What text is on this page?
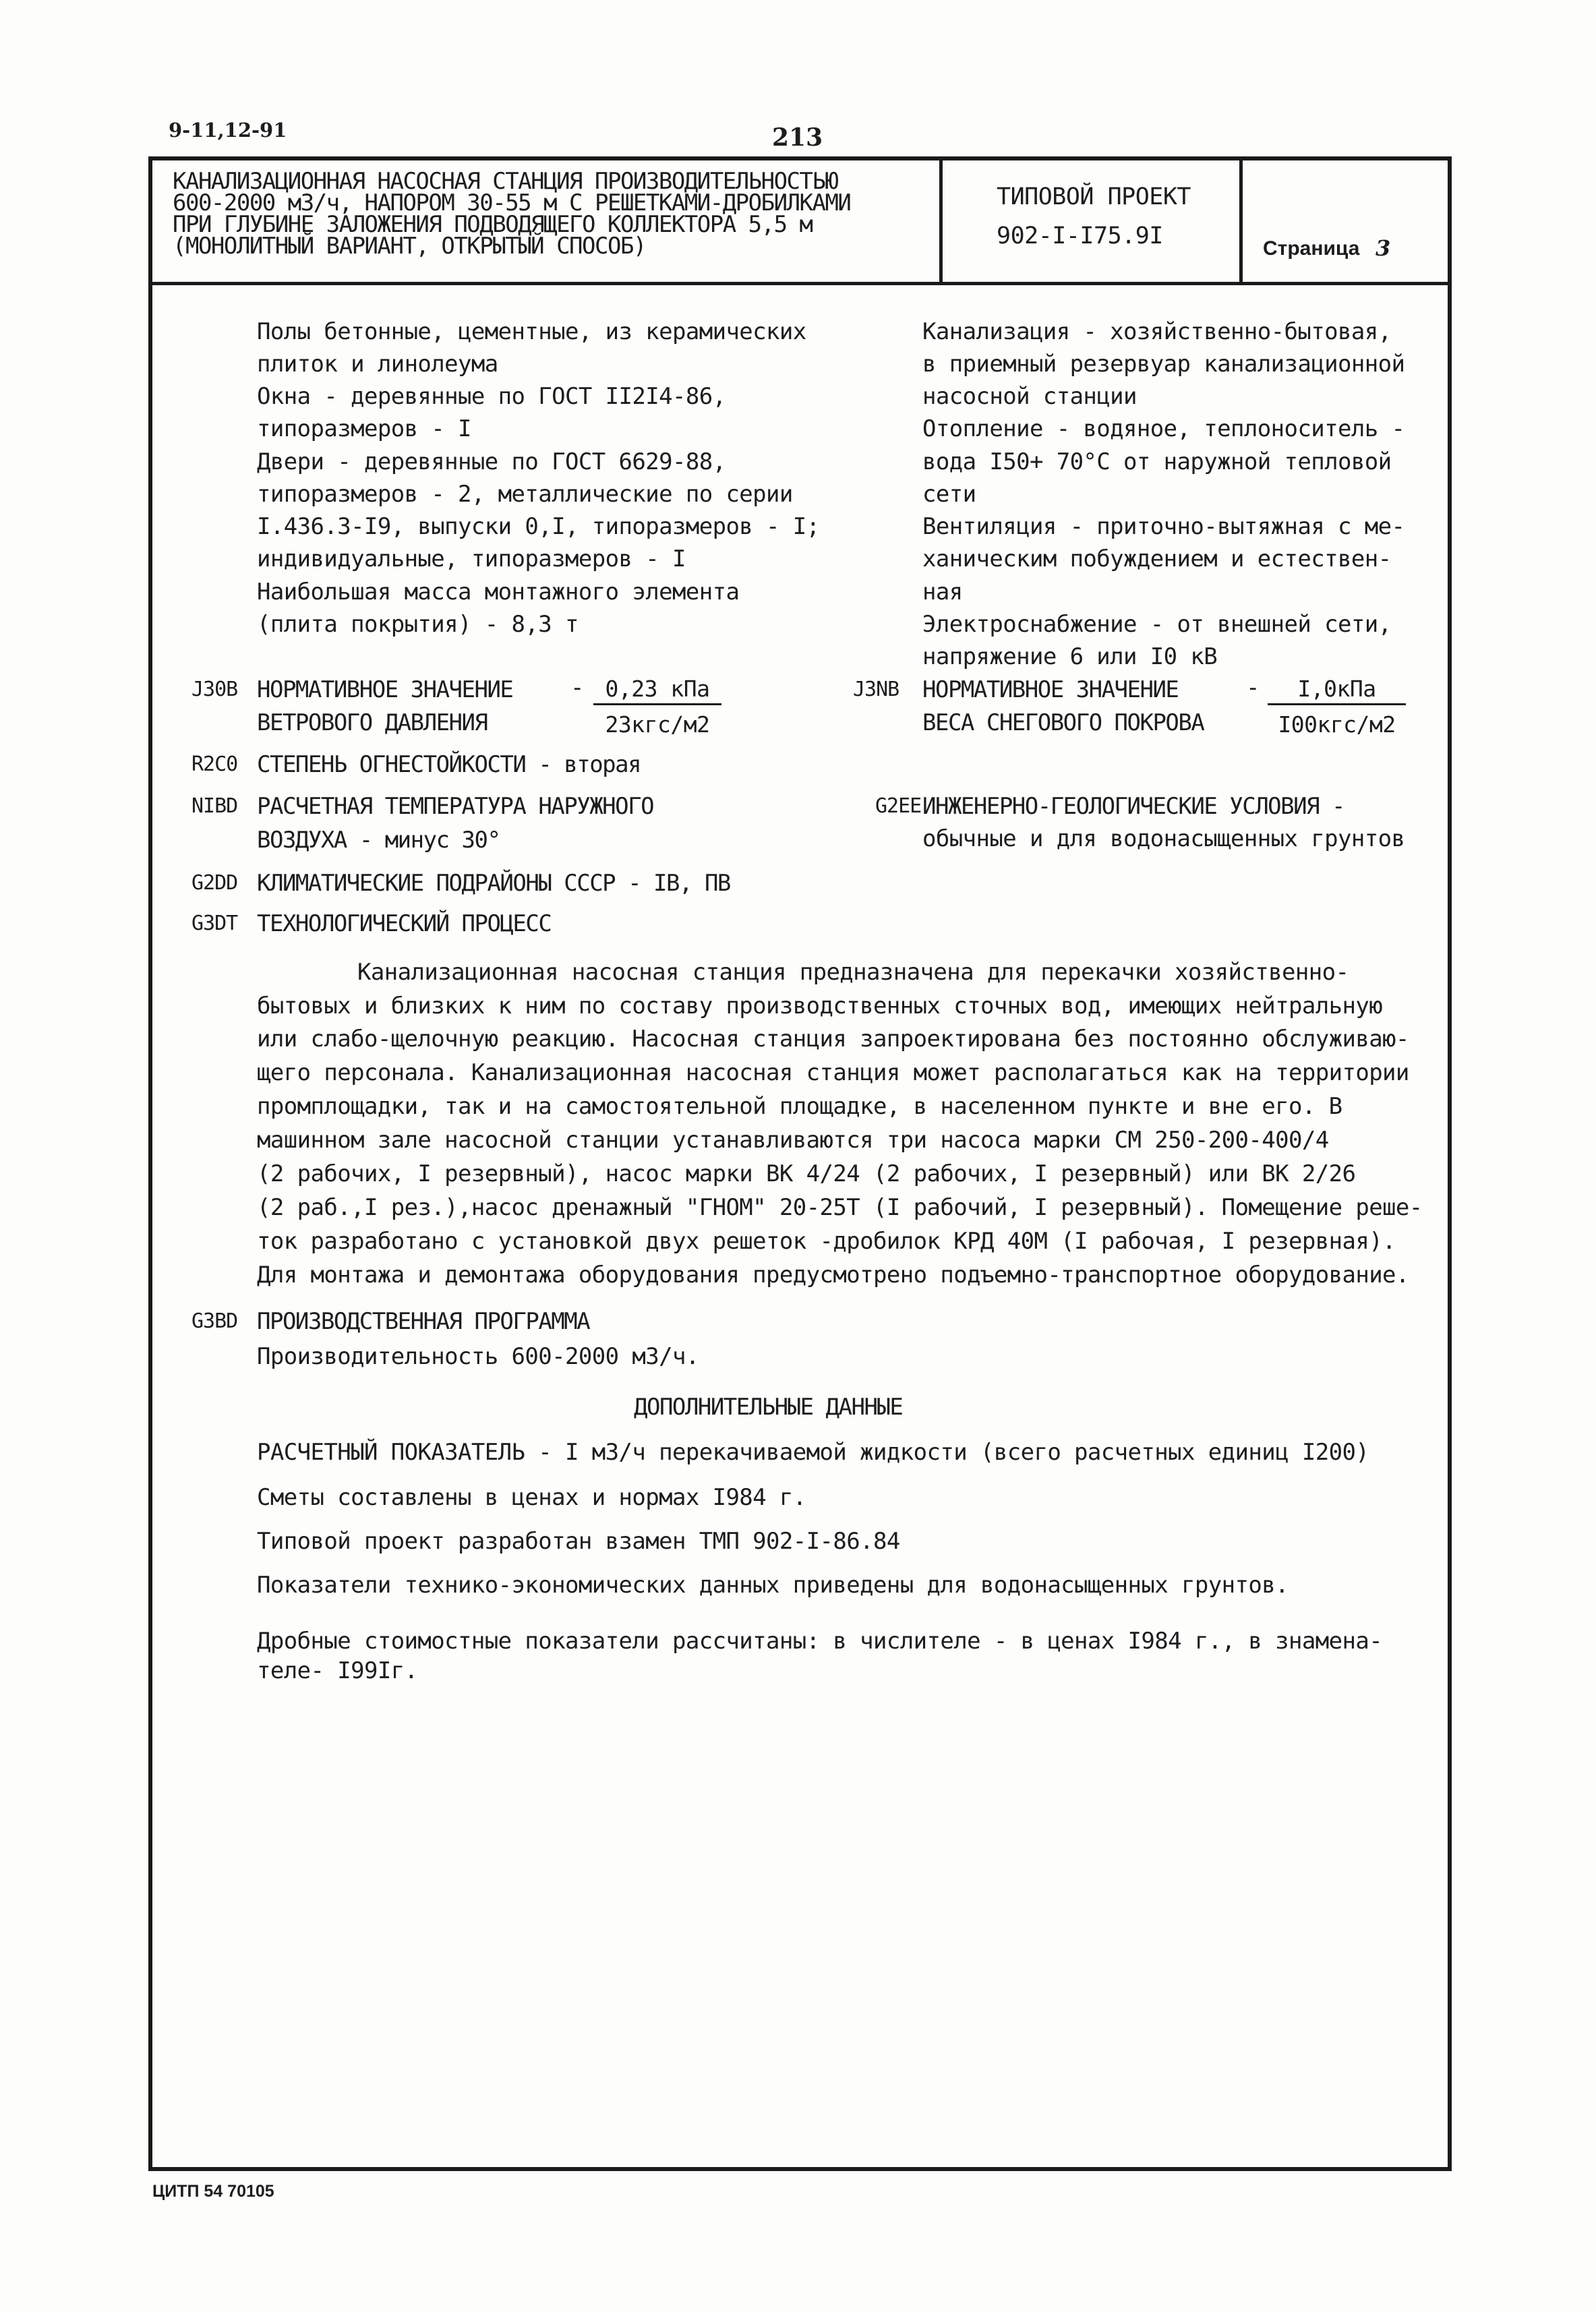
9-11,12-91	213
КАНАЛИЗАЦИОННАЯ НАСОСНАЯ СТАНЦИЯ ПРОИЗВОДИТЕЛЬНОСТЬЮ
600-2000 м3/ч, НАПОРОМ 30-55 м С РЕШЕТКАМИ-ДРОБИЛКАМИ
ПРИ ГЛУБИНЕ ЗАЛОЖЕНИЯ ПОДВОДЯЩЕГО КОЛЛЕКТОРА 5,5 м
(МОНОЛИТНЫЙ ВАРИАНТ, ОТКРЫТЫЙ СПОСОБ)
ТИПОВОЙ ПРОЕКТ
902-I-I75.9I	Страница 3
Полы бетонные, цементные, из керамических
плиток и линолеума
Окна - деревянные по ГОСТ II2I4-86,
типоразмеров - I
Двери - деревянные по ГОСТ 6629-88,
типоразмеров - 2, металлические по серии
I.436.3-I9, выпуски 0,I, типоразмеров - I;
индивидуальные, типоразмеров - I
Наибольшая масса монтажного элемента
(плита покрытия) - 8,3 т
Канализация - хозяйственно-бытовая,
в приемный резервуар канализационной
насосной станции
Отопление - водяное, теплоноситель -
вода I50+ 70°С от наружной тепловой
сети
Вентиляция - приточно-вытяжная с ме-
ханическим побуждением и естествен-
ная
Электроснабжение - от внешней сети,
напряжение 6 или I0 кВ
J30B НОРМАТИВНОЕ ЗНАЧЕНИЕ
ВЕТРОВОГО ДАВЛЕНИЯ
- 0,23 кПа
23кгс/м2
J3NB НОРМАТИВНОЕ ЗНАЧЕНИЕ
ВЕСА СНЕГОВОГО ПОКРОВА
-	I,0кПа
I00кгс/м2
R2C0 СТЕПЕНЬ ОГНЕСТОЙКОСТИ - вторая
NIBD РАСЧЕТНАЯ ТЕМПЕРАТУРА НАРУЖНОГО
ВОЗДУХА - минус 30°
G2EE ИНЖЕНЕРНО-ГЕОЛОГИЧЕСКИЕ УСЛОВИЯ -
обычные и для водонасыщенных грунтов
G2DD КЛИМАТИЧЕСКИЕ ПОДРАЙОНЫ СССР - IB, ПВ
G3DT ТЕХНОЛОГИЧЕСКИЙ ПРОЦЕСС
Канализационная насосная станция предназначена для перекачки хозяйственно-
бытовых и близких к ним по составу производственных сточных вод, имеющих нейтральную
или слабо-щелочную реакцию. Насосная станция запроектирована без постоянно обслуживаю-
щего персонала. Канализационная насосная станция может располагаться как на территории
промплощадки, так и на самостоятельной площадке, в населенном пункте и вне его. В
машинном зале насосной станции устанавливаются три насоса марки СМ 250-200-400/4
(2 рабочих, I резервный), насос марки ВК 4/24 (2 рабочих, I резервный) или ВК 2/26
(2 раб.,I рез.),насос дренажный "ГНОМ" 20-25Т (I рабочий, I резервный). Помещение реше-
ток разработано с установкой двух решеток -дробилок КРД 40М (I рабочая, I резервная).
Для монтажа и демонтажа оборудования предусмотрено подъемно-транспортное оборудование.
G3BD ПРОИЗВОДСТВЕННАЯ ПРОГРАММА
Производительность 600-2000 м3/ч.
ДОПОЛНИТЕЛЬНЫЕ ДАННЫЕ
РАСЧЕТНЫЙ ПОКАЗАТЕЛЬ - I м3/ч перекачиваемой жидкости (всего расчетных единиц I200)
Сметы составлены в ценах и нормах I984 г.
Типовой проект разработан взамен ТМП 902-I-86.84
Показатели технико-экономических данных приведены для водонасыщенных грунтов.
Дробные стоимостные показатели рассчитаны: в числителе - в ценах I984 г., в знамена-
теле- I99Iг.
ЦИТП 54 70105
